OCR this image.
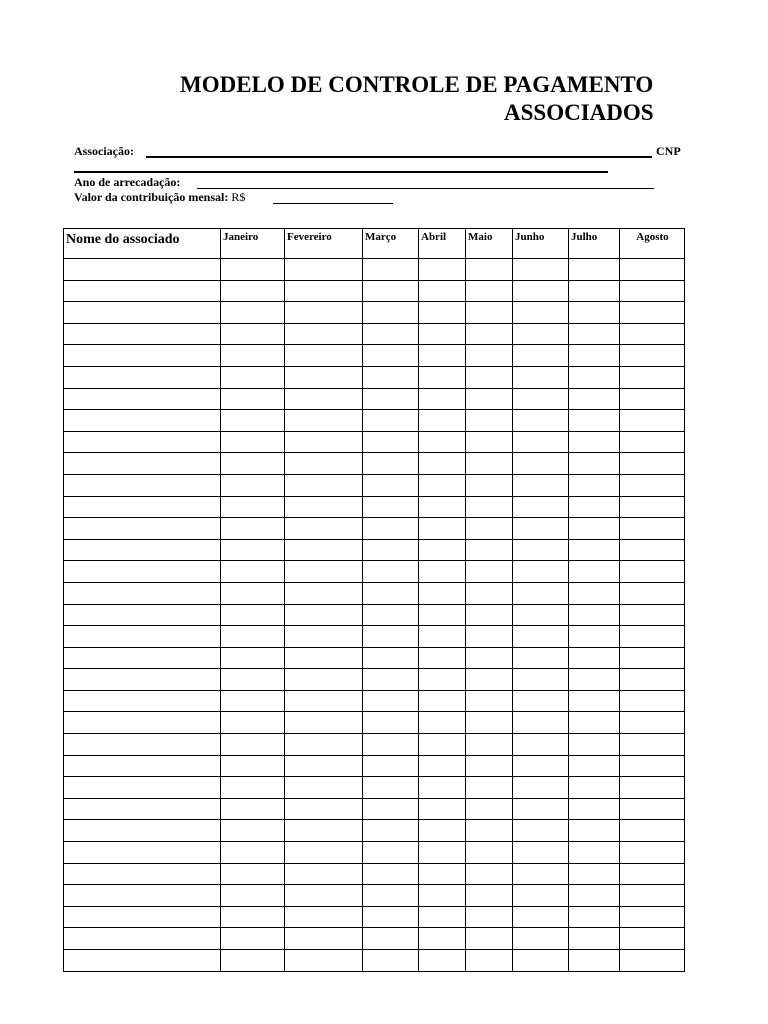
MODELO DE CONTROLE DE PAGAMENTO
ASSOCIADOS
Associação:	CNP
Ano de arrecadação:
Valor da contribuição mensal: R$
Nome do associado	Janeiro	Fevereiro	Março	Abril	Maio	Junho	Julho	Agosto
